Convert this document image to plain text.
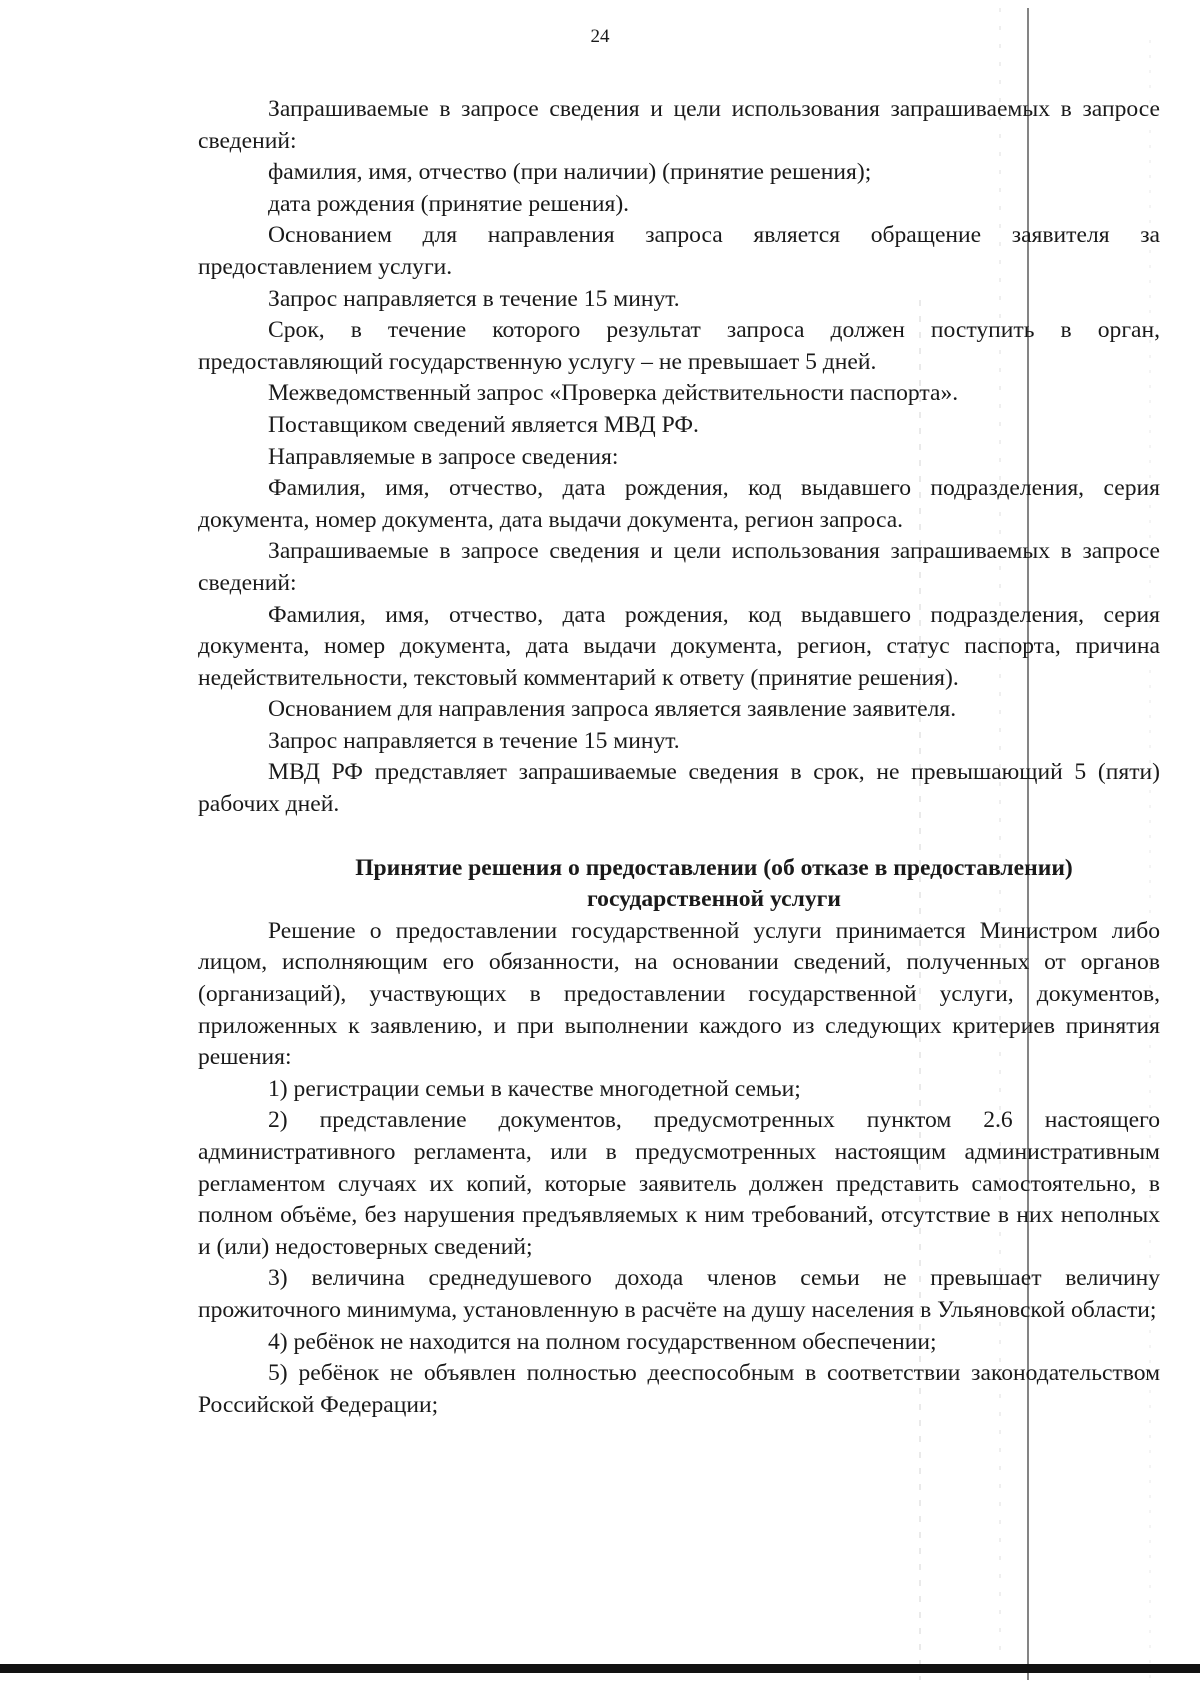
24

Запрашиваемые в запросе сведения и цели использования запрашиваемых в запросе сведений:

фамилия, имя, отчество (при наличии) (принятие решения);

дата рождения (принятие решения).

Основанием для направления запроса является обращение заявителя за предоставлением услуги.

Запрос направляется в течение 15 минут.

Срок, в течение которого результат запроса должен поступить в орган, предоставляющий государственную услугу – не превышает 5 дней.

Межведомственный запрос «Проверка действительности паспорта».

Поставщиком сведений является МВД РФ.

Направляемые в запросе сведения:

Фамилия, имя, отчество, дата рождения, код выдавшего подразделения, серия документа, номер документа, дата выдачи документа, регион запроса.

Запрашиваемые в запросе сведения и цели использования запрашиваемых в запросе сведений:

Фамилия, имя, отчество, дата рождения, код выдавшего подразделения, серия документа, номер документа, дата выдачи документа, регион, статус паспорта, причина недействительности, текстовый комментарий к ответу (принятие решения).

Основанием для направления запроса является заявление заявителя.

Запрос направляется в течение 15 минут.

МВД РФ представляет запрашиваемые сведения в срок, не превышающий 5 (пяти) рабочих дней.

Принятие решения о предоставлении (об отказе в предоставлении)
государственной услуги

Решение о предоставлении государственной услуги принимается Министром либо лицом, исполняющим его обязанности, на основании сведений, полученных от органов (организаций), участвующих в предоставлении государственной услуги, документов, приложенных к заявлению, и при выполнении каждого из следующих критериев принятия решения:

1) регистрации семьи в качестве многодетной семьи;

2) представление документов, предусмотренных пунктом 2.6 настоящего административного регламента, или в предусмотренных настоящим административным регламентом случаях их копий, которые заявитель должен представить самостоятельно, в полном объёме, без нарушения предъявляемых к ним требований, отсутствие в них неполных и (или) недостоверных сведений;

3) величина среднедушевого дохода членов семьи не превышает величину прожиточного минимума, установленную в расчёте на душу населения в Ульяновской области;

4) ребёнок не находится на полном государственном обеспечении;

5) ребёнок не объявлен полностью дееспособным в соответствии законодательством Российской Федерации;
